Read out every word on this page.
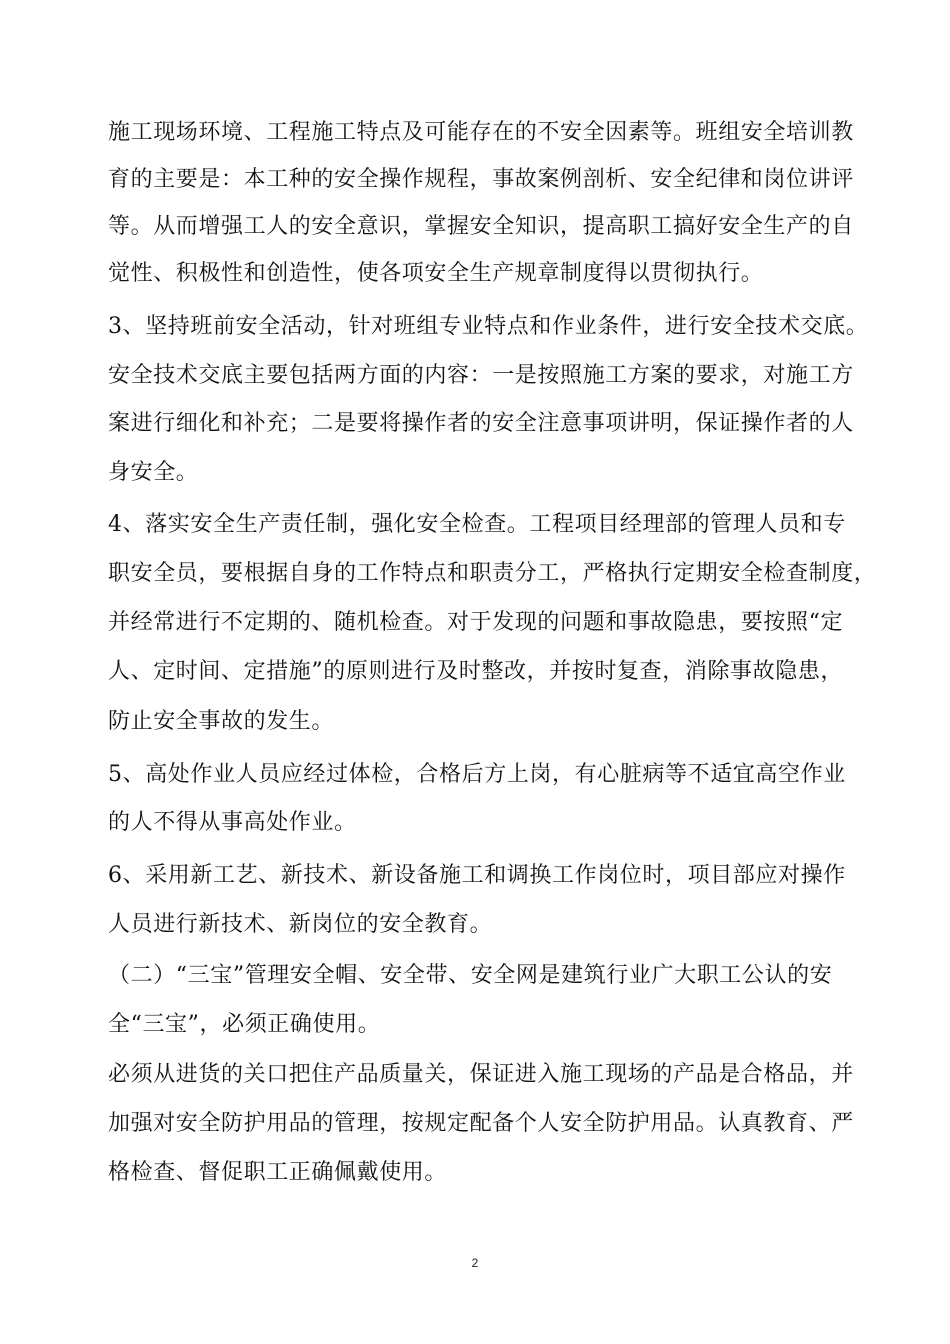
施工现场环境、工程施工特点及可能存在的不安全因素等。班组安全培训教
育的主要是：本工种的安全操作规程，事故案例剖析、安全纪律和岗位讲评
等。从而增强工人的安全意识，掌握安全知识，提高职工搞好安全生产的自
觉性、积极性和创造性，使各项安全生产规章制度得以贯彻执行。
3、坚持班前安全活动，针对班组专业特点和作业条件，进行安全技术交底。
安全技术交底主要包括两方面的内容：一是按照施工方案的要求，对施工方
案进行细化和补充；二是要将操作者的安全注意事项讲明，保证操作者的人
身安全。
4、落实安全生产责任制，强化安全检查。工程项目经理部的管理人员和专
职安全员，要根据自身的工作特点和职责分工，严格执行定期安全检查制度，
并经常进行不定期的、随机检查。对于发现的问题和事故隐患，要按照“定
人、定时间、定措施”的原则进行及时整改，并按时复查，消除事故隐患，
防止安全事故的发生。
5、高处作业人员应经过体检，合格后方上岗，有心脏病等不适宜高空作业
的人不得从事高处作业。
6、采用新工艺、新技术、新设备施工和调换工作岗位时，项目部应对操作
人员进行新技术、新岗位的安全教育。
（二）“三宝”管理安全帽、安全带、安全网是建筑行业广大职工公认的安
全“三宝”，必须正确使用。
必须从进货的关口把住产品质量关，保证进入施工现场的产品是合格品，并
加强对安全防护用品的管理，按规定配备个人安全防护用品。认真教育、严
格检查、督促职工正确佩戴使用。
2
